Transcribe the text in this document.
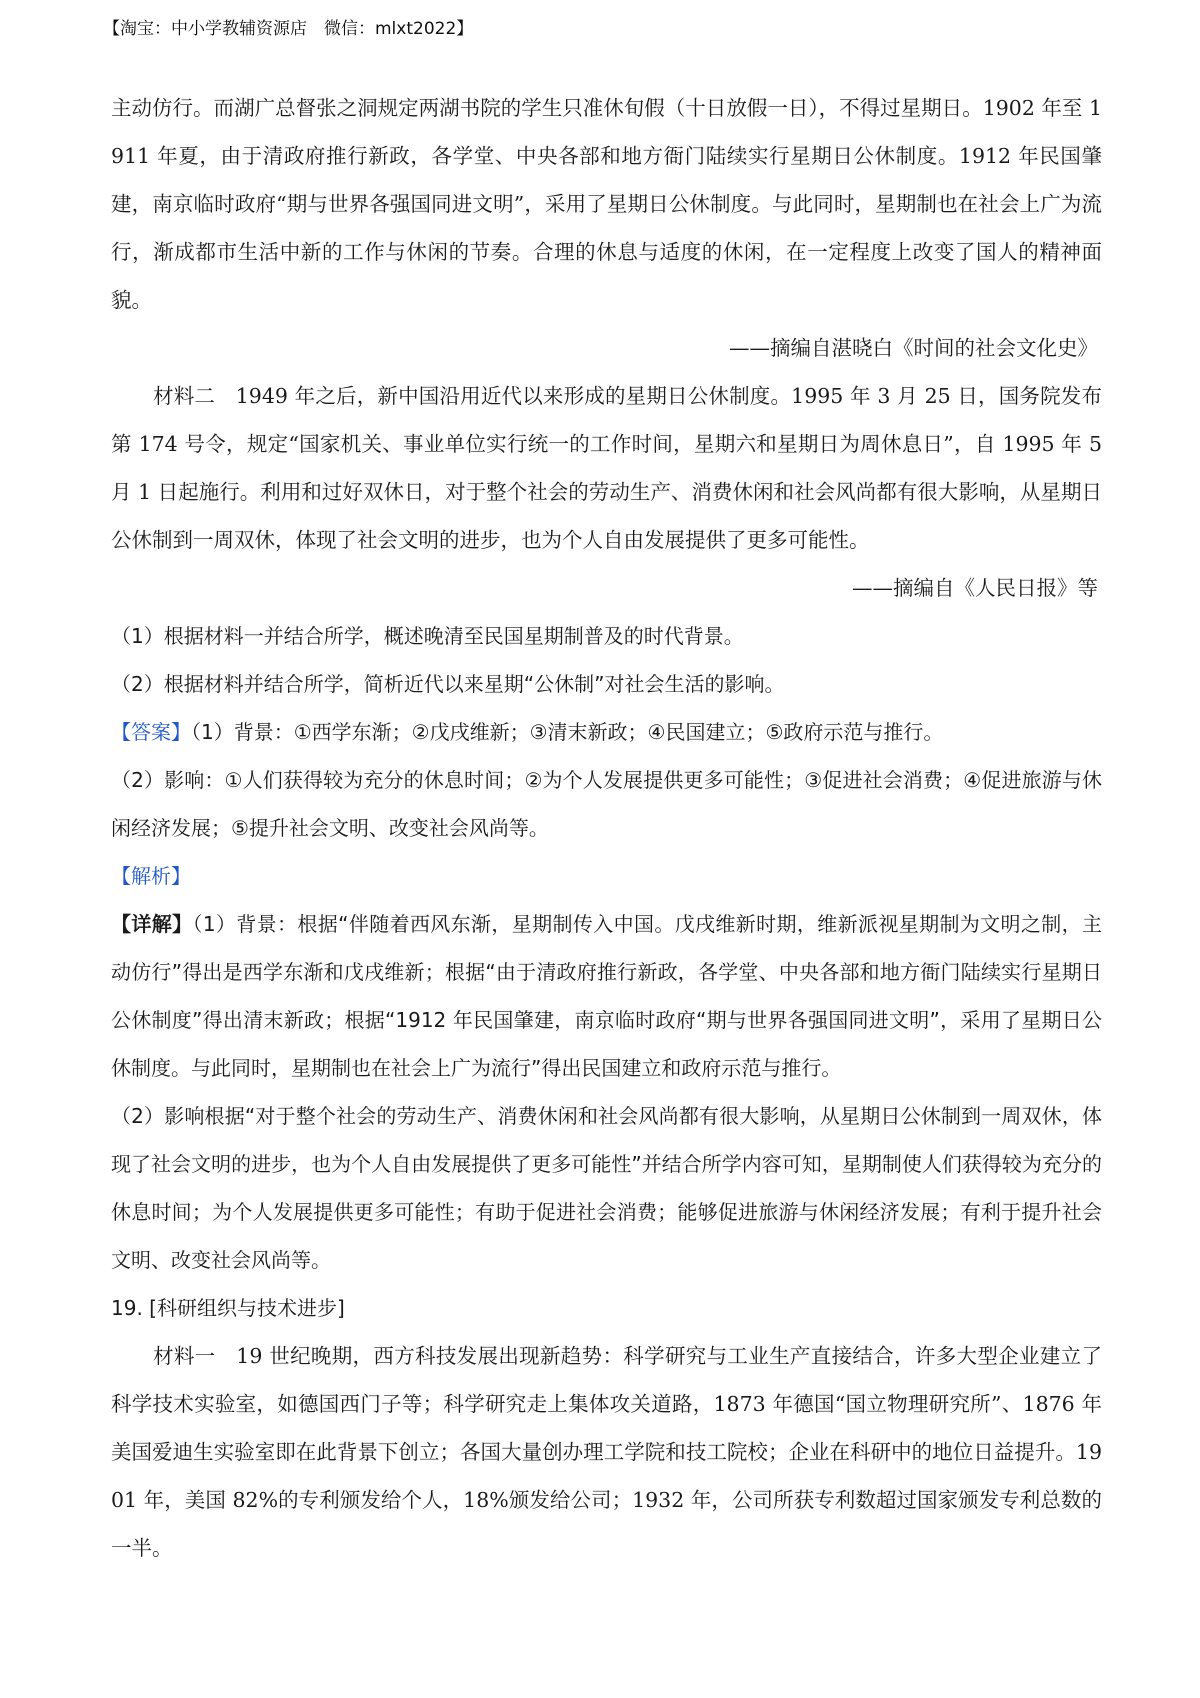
【淘宝：中小学教辅资源店　微信：mlxt2022】

主动仿行。而湖广总督张之洞规定两湖书院的学生只准休旬假（十日放假一日），不得过星期日。1902 年至 1911 年夏，由于清政府推行新政，各学堂、中央各部和地方衙门陆续实行星期日公休制度。1912 年民国肇建，南京临时政府“期与世界各强国同进文明”，采用了星期日公休制度。与此同时，星期制也在社会上广为流行，渐成都市生活中新的工作与休闲的节奏。合理的休息与适度的休闲，在一定程度上改变了国人的精神面貌。

——摘编自湛晓白《时间的社会文化史》

材料二　1949 年之后，新中国沿用近代以来形成的星期日公休制度。1995 年 3 月 25 日，国务院发布第 174 号令，规定“国家机关、事业单位实行统一的工作时间，星期六和星期日为周休息日”，自 1995 年 5 月 1 日起施行。利用和过好双休日，对于整个社会的劳动生产、消费休闲和社会风尚都有很大影响，从星期日公休制到一周双休，体现了社会文明的进步，也为个人自由发展提供了更多可能性。

——摘编自《人民日报》等

（1）根据材料一并结合所学，概述晚清至民国星期制普及的时代背景。

（2）根据材料并结合所学，简析近代以来星期“公休制”对社会生活的影响。

【答案】（1）背景：①西学东渐；②戊戌维新；③清末新政；④民国建立；⑤政府示范与推行。

（2）影响：①人们获得较为充分的休息时间；②为个人发展提供更多可能性；③促进社会消费；④促进旅游与休闲经济发展；⑤提升社会文明、改变社会风尚等。

【解析】

【详解】（1）背景：根据“伴随着西风东渐，星期制传入中国。戊戌维新时期，维新派视星期制为文明之制，主动仿行”得出是西学东渐和戊戌维新；根据“由于清政府推行新政，各学堂、中央各部和地方衙门陆续实行星期日公休制度”得出清末新政；根据“1912 年民国肇建，南京临时政府“期与世界各强国同进文明”，采用了星期日公休制度。与此同时，星期制也在社会上广为流行”得出民国建立和政府示范与推行。

（2）影响根据“对于整个社会的劳动生产、消费休闲和社会风尚都有很大影响，从星期日公休制到一周双休，体现了社会文明的进步，也为个人自由发展提供了更多可能性”并结合所学内容可知，星期制使人们获得较为充分的休息时间；为个人发展提供更多可能性；有助于促进社会消费；能够促进旅游与休闲经济发展；有利于提升社会文明、改变社会风尚等。

19. [科研组织与技术进步]

材料一　19 世纪晚期，西方科技发展出现新趋势：科学研究与工业生产直接结合，许多大型企业建立了科学技术实验室，如德国西门子等；科学研究走上集体攻关道路，1873 年德国“国立物理研究所”、1876 年美国爱迪生实验室即在此背景下创立；各国大量创办理工学院和技工院校；企业在科研中的地位日益提升。1901 年，美国 82%的专利颁发给个人，18%颁发给公司；1932 年，公司所获专利数超过国家颁发专利总数的一半。
